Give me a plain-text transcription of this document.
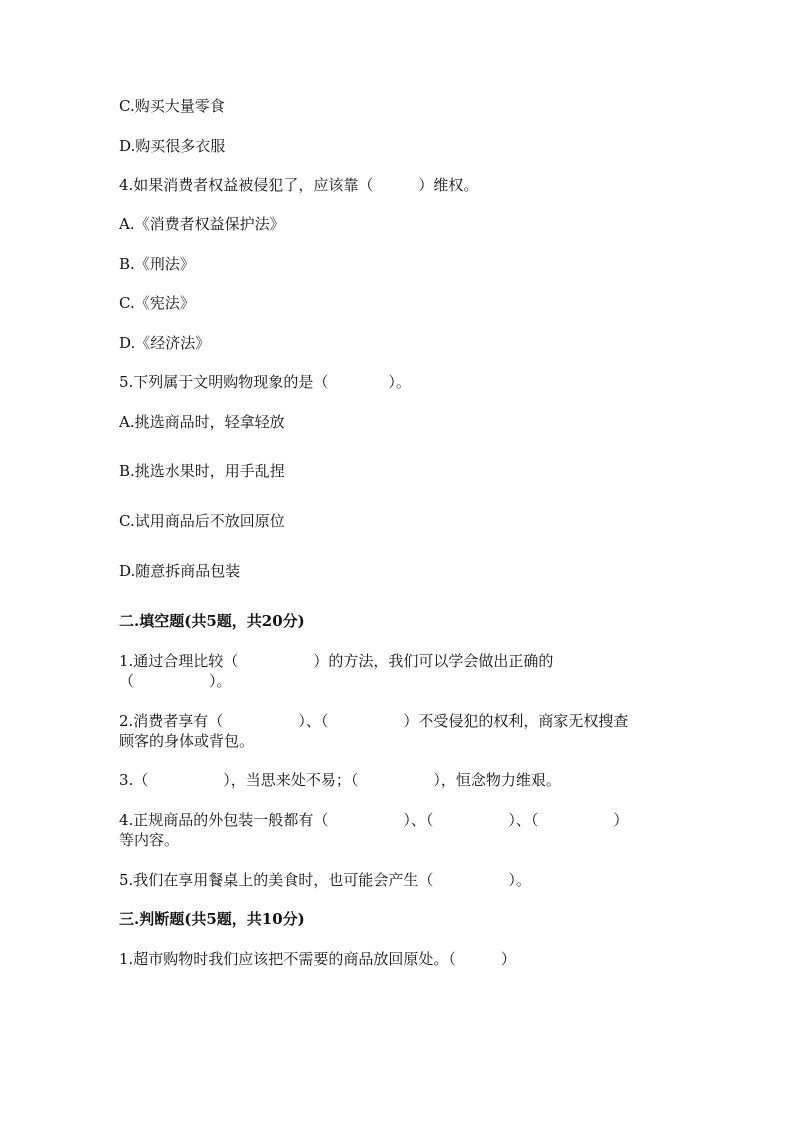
C.购买大量零食
D.购买很多衣服
4.如果消费者权益被侵犯了，应该靠（　　　）维权。
A.《消费者权益保护法》
B.《刑法》
C.《宪法》
D.《经济法》
5.下列属于文明购物现象的是（　　　　）。
A.挑选商品时，轻拿轻放
B.挑选水果时，用手乱捏
C.试用商品后不放回原位
D.随意拆商品包装
二.填空题(共5题，共20分)
1.通过合理比较（　　　　　）的方法，我们可以学会做出正确的
（　　　　　）。
2.消费者享有（　　　　　）、（　　　　　）不受侵犯的权利，商家无权搜查
顾客的身体或背包。
3.（　　　　　），当思来处不易；（　　　　　），恒念物力维艰。
4.正规商品的外包装一般都有（　　　　　）、（　　　　　）、（　　　　　）
等内容。
5.我们在享用餐桌上的美食时，也可能会产生（　　　　　）。
三.判断题(共5题，共10分)
1.超市购物时我们应该把不需要的商品放回原处。（　　　）
